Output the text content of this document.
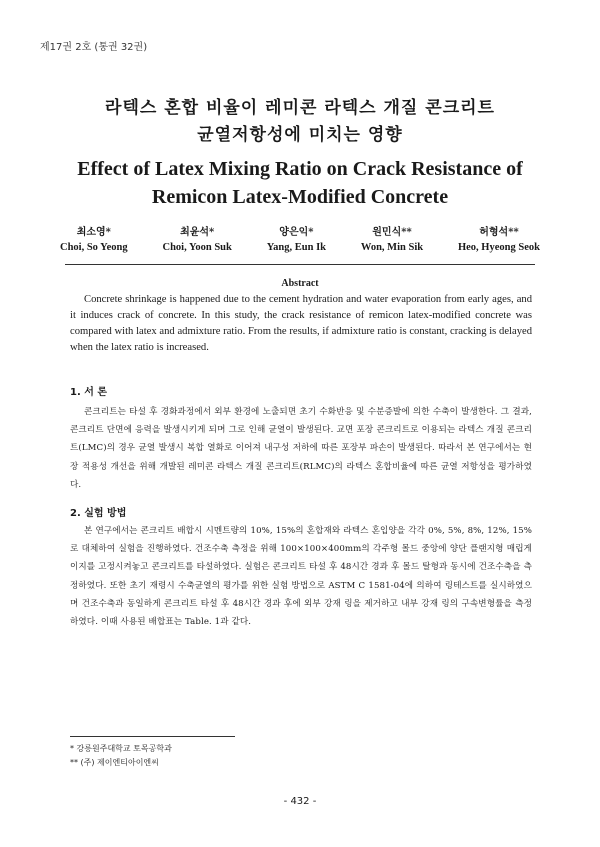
제17권 2호 (통권 32권)
라텍스 혼합 비율이 레미콘 라텍스 개질 콘크리트
균열저항성에 미치는 영향
Effect of Latex Mixing Ratio on Crack Resistance of
Remicon Latex-Modified Concrete
최소영*
Choi, So Yeong
최윤석*
Choi, Yoon Suk
양은익*
Yang, Eun Ik
원민식**
Won, Min Sik
허형석**
Heo, Hyeong Seok
Abstract

Concrete shrinkage is happened due to the cement hydration and water evaporation from early ages, and it induces crack of concrete. In this study, the crack resistance of remicon latex-modified concrete was compared with latex and admixture ratio. From the results, if admixture ratio is constant, cracking is delayed when the latex ratio is increased.

1. 서 론

콘크리트는 타설 후 경화과정에서 외부 환경에 노출되면 초기 수화반응 및 수분증발에 의한 수축이 발생한다. 그 결과, 콘크리트 단면에 응력을 발생시키게 되며 그로 인해 균열이 발생된다. 교면 포장 콘크리트로 이용되는 라텍스 개질 콘크리트(LMC)의 경우 균열 발생시 복합 열화로 이어져 내구성 저하에 따른 포장부 파손이 발생된다. 따라서 본 연구에서는 현장 적용성 개선을 위해 개발된 레미콘 라텍스 개질 콘크리트(RLMC)의 라텍스 혼합비율에 따른 균열 저항성을 평가하였다.

2. 실험 방법

본 연구에서는 콘크리트 배합시 시멘트량의 10%, 15%의 혼합재와 라텍스 혼입양을 각각 0%, 5%, 8%, 12%, 15%로 대체하여 실험을 진행하였다. 건조수축 측정을 위해 100×100×400mm의 각주형 몰드 중앙에 양단 플랜지형 매립게이지를 고정시켜놓고 콘크리트를 타설하였다. 실험은 콘크리트 타설 후 48시간 경과 후 몰드 탈형과 동시에 건조수축을 측정하였다. 또한 초기 재령시 수축균열의 평가를 위한 실험 방법으로 ASTM C 1581-04에 의하여 링테스트를 실시하였으며 건조수축과 동일하게 콘크리트 타설 후 48시간 경과 후에 외부 강재 링을 제거하고 내부 강재 링의 구속변형률을 측정하였다. 이때 사용된 배합표는 Table. 1과 같다.

* 강릉원주대학교 토목공학과
** (주) 제이엔티아이엔씨
- 432 -
